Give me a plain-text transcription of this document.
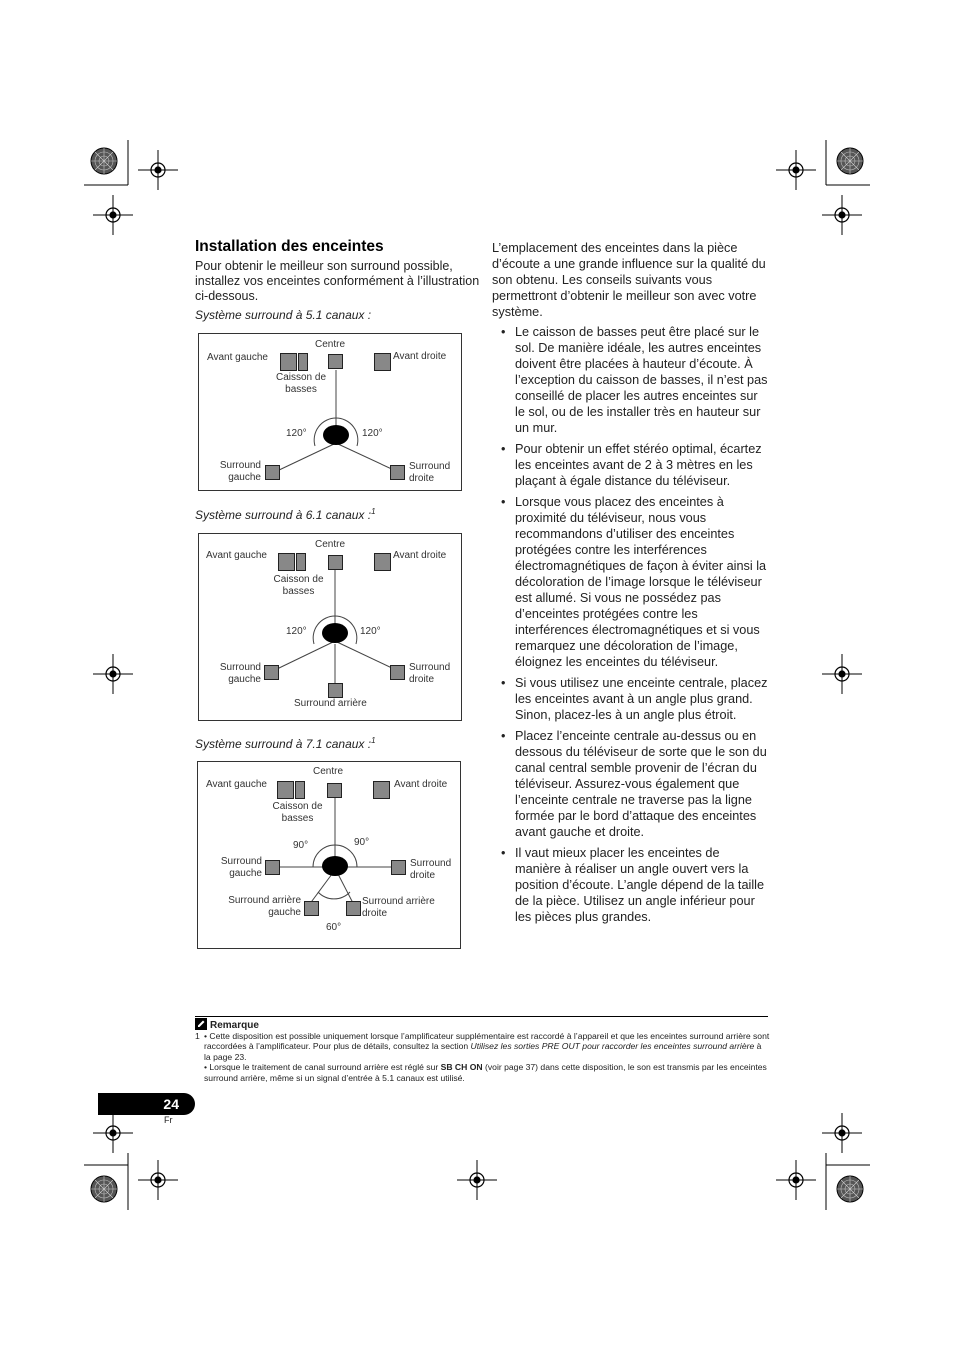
Installation des enceintes
Pour obtenir le meilleur son surround possible, installez vos enceintes conformément à l’illustration ci-dessous.
Système surround à 5.1 canaux :
Centre
Avant gauche	Avant droite
Caisson de
basses
120°	120°
Surround
gauche
Surround
droite
Système surround à 6.1 canaux :$^1$
Centre
Avant gauche	Avant droite
Caisson de
basses
120°	120°
Surround
gauche
Surround
droite
Surround arrière
Système surround à 7.1 canaux :$^1$
Centre
Avant gauche	Avant droite
Caisson de
basses
90°	90°
Surround
gauche
Surround
droite
Surround arrière
gauche
Surround arrière
droite
60°

L’emplacement des enceintes dans la pièce d’écoute a une grande influence sur la qualité du son obtenu. Les conseils suivants vous permettront d’obtenir le meilleur son avec votre système.

• Le caisson de basses peut être placé sur le sol. De manière idéale, les autres enceintes doivent être placées à hauteur d’écoute. À l’exception du caisson de basses, il n’est pas conseillé de placer les autres enceintes sur le sol, ou de les installer très en hauteur sur un mur.
• Pour obtenir un effet stéréo optimal, écartez les enceintes avant de 2 à 3 mètres en les plaçant à égale distance du téléviseur.
• Lorsque vous placez des enceintes à proximité du téléviseur, nous vous recommandons d’utiliser des enceintes protégées contre les interférences électromagnétiques de façon à éviter ainsi la décoloration de l’image lorsque le téléviseur est allumé. Si vous ne possédez pas d’enceintes protégées contre les interférences électromagnétiques et si vous remarquez une décoloration de l’image, éloignez les enceintes du téléviseur.
• Si vous utilisez une enceinte centrale, placez les enceintes avant à un angle plus grand. Sinon, placez-les à un angle plus étroit.
• Placez l’enceinte centrale au-dessus ou en dessous du téléviseur de sorte que le son du canal central semble provenir de l’écran du téléviseur. Assurez-vous également que l’enceinte centrale ne traverse pas la ligne formée par le bord d’attaque des enceintes avant gauche et droite.
• Il vaut mieux placer les enceintes de manière à réaliser un angle ouvert vers la position d’écoute. L’angle dépend de la taille de la pièce. Utilisez un angle inférieur pour les pièces plus grandes.
Remarque
1 • Cette disposition est possible uniquement lorsque l’amplificateur supplémentaire est raccordé à l’appareil et que les enceintes surround arrière sont raccordées à l’amplificateur. Pour plus de détails, consultez la section Utilisez les sorties PRE OUT pour raccorder les enceintes surround arrière à la page 23.
• Lorsque le traitement de canal surround arrière est réglé sur SB CH ON (voir page 37) dans cette disposition, le son est transmis par les enceintes surround arrière, même si un signal d’entrée à 5.1 canaux est utilisé.
24
Fr
